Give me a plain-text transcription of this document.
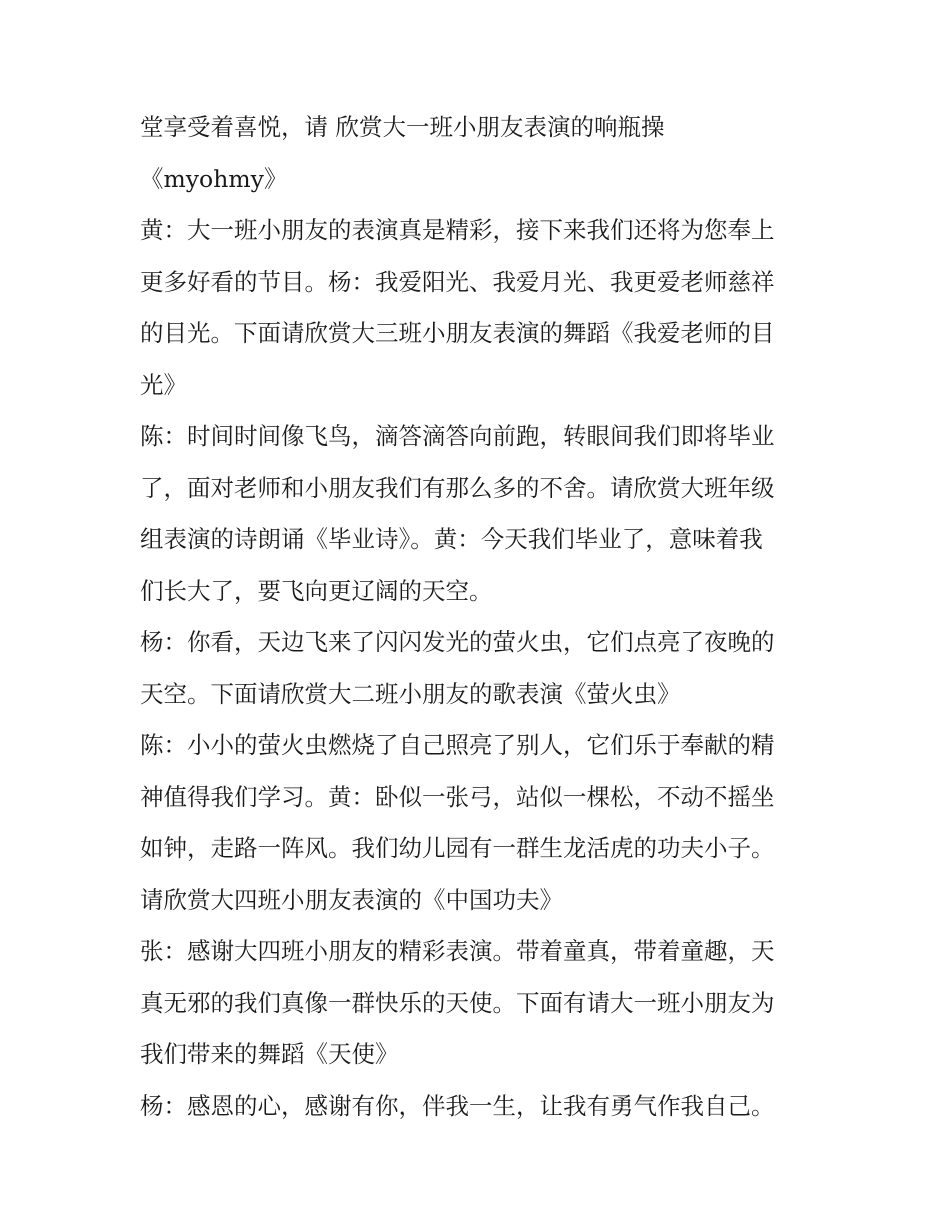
堂享受着喜悦，请 欣赏大一班小朋友表演的响瓶操
《myohmy》
黄：大一班小朋友的表演真是精彩，接下来我们还将为您奉上
更多好看的节目。杨：我爱阳光、我爱月光、我更爱老师慈祥
的目光。下面请欣赏大三班小朋友表演的舞蹈《我爱老师的目
光》
陈：时间时间像飞鸟，滴答滴答向前跑，转眼间我们即将毕业
了，面对老师和小朋友我们有那么多的不舍。请欣赏大班年级
组表演的诗朗诵《毕业诗》。黄：今天我们毕业了，意味着我
们长大了，要飞向更辽阔的天空。
杨：你看，天边飞来了闪闪发光的萤火虫，它们点亮了夜晚的
天空。下面请欣赏大二班小朋友的歌表演《萤火虫》
陈：小小的萤火虫燃烧了自己照亮了别人，它们乐于奉献的精
神值得我们学习。黄：卧似一张弓，站似一棵松，不动不摇坐
如钟，走路一阵风。我们幼儿园有一群生龙活虎的功夫小子。
请欣赏大四班小朋友表演的《中国功夫》
张：感谢大四班小朋友的精彩表演。带着童真，带着童趣，天
真无邪的我们真像一群快乐的天使。下面有请大一班小朋友为
我们带来的舞蹈《天使》
杨：感恩的心，感谢有你，伴我一生，让我有勇气作我自己。
